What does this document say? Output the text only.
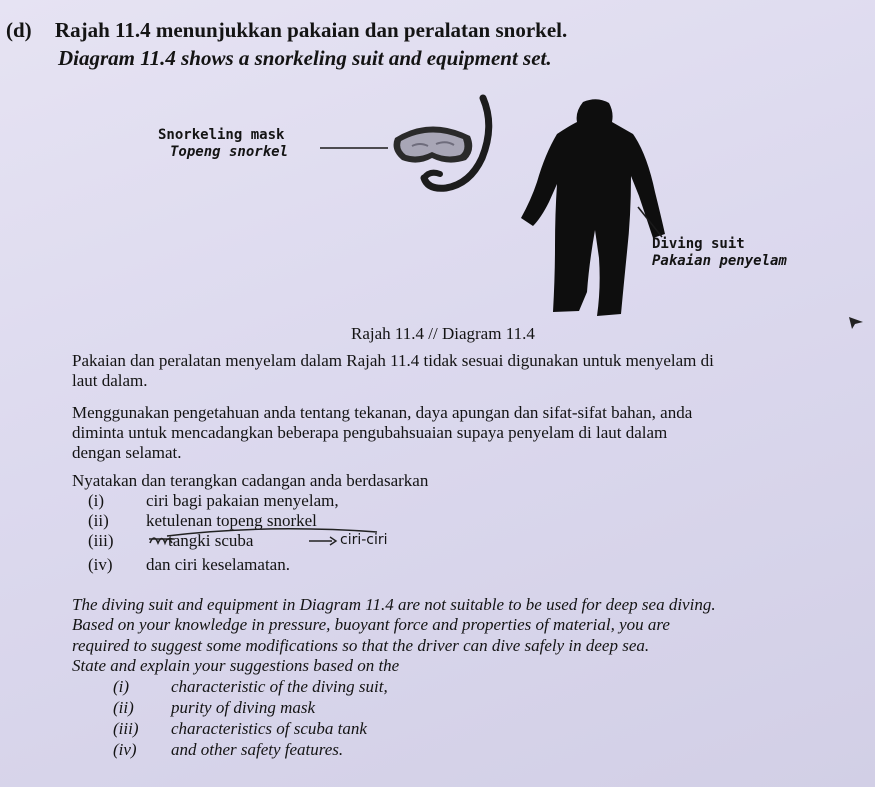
(d) Rajah 11.4 menunjukkan pakaian dan peralatan snorkel.
Diagram 11.4 shows a snorkeling suit and equipment set.
Snorkeling mask
Topeng snorkel
Diving suit
Pakaian penyelam
Rajah 11.4 // Diagram 11.4
Pakaian dan peralatan menyelam dalam Rajah 11.4 tidak sesuai digunakan untuk menyelam di
laut dalam.
Menggunakan pengetahuan anda tentang tekanan, daya apungan dan sifat-sifat bahan, anda
diminta untuk mencadangkan beberapa pengubahsuaian supaya penyelam di laut dalam
dengan selamat.
Nyatakan dan terangkan cadangan anda berdasarkan
(i) ciri bagi pakaian menyelam,
(ii) ketulenan topeng snorkel
(iii)	tangki scuba
(iv) dan ciri keselamatan.
ciri-ciri
The diving suit and equipment in Diagram 11.4 are not suitable to be used for deep sea diving.
Based on your knowledge in pressure, buoyant force and properties of material, you are
required to suggest some modifications so that the driver can dive safely in deep sea.
State and explain your suggestions based on the
(i) characteristic of the diving suit,
(ii) purity of diving mask
(iii) characteristics of scuba tank
(iv) and other safety features.
